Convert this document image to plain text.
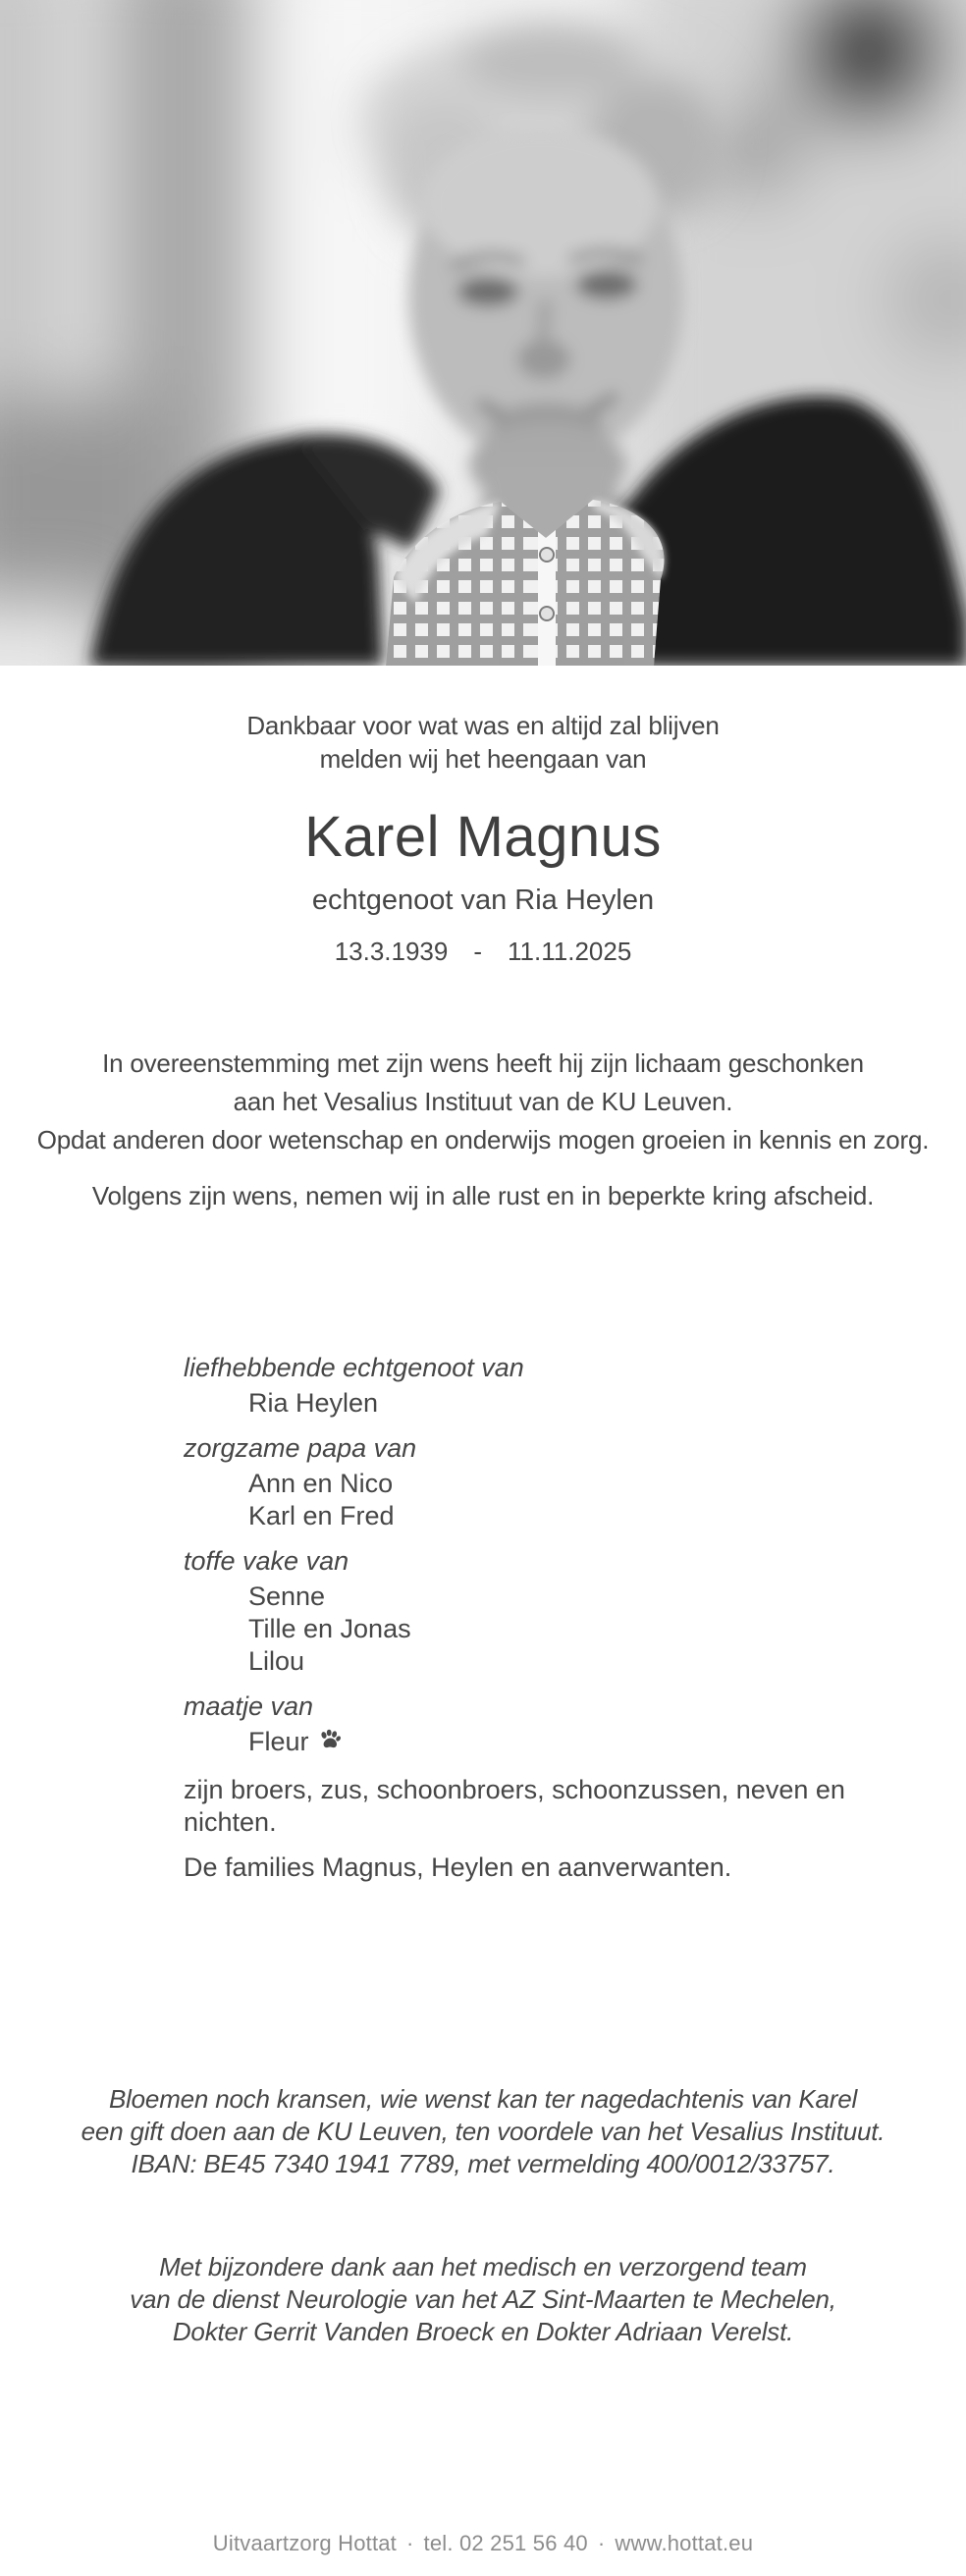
Dankbaar voor wat was en altijd zal blijven
melden wij het heengaan van
Karel Magnus
echtgenoot van Ria Heylen
13.3.1939 - 11.11.2025
In overeenstemming met zijn wens heeft hij zijn lichaam geschonken
aan het Vesalius Instituut van de KU Leuven.
Opdat anderen door wetenschap en onderwijs mogen groeien in kennis en zorg.
Volgens zijn wens, nemen wij in alle rust en in beperkte kring afscheid.
liefhebbende echtgenoot van
Ria Heylen
zorgzame papa van
Ann en Nico
Karl en Fred
toffe vake van
Senne
Tille en Jonas
Lilou
maatje van
Fleur
zijn broers, zus, schoonbroers, schoonzussen, neven en nichten.
De families Magnus, Heylen en aanverwanten.
Bloemen noch kransen, wie wenst kan ter nagedachtenis van Karel
een gift doen aan de KU Leuven, ten voordele van het Vesalius Instituut.
IBAN: BE45 7340 1941 7789, met vermelding 400/0012/33757.
Met bijzondere dank aan het medisch en verzorgend team
van de dienst Neurologie van het AZ Sint-Maarten te Mechelen,
Dokter Gerrit Vanden Broeck en Dokter Adriaan Verelst.
Uitvaartzorg Hottat · tel. 02 251 56 40 · www.hottat.eu
